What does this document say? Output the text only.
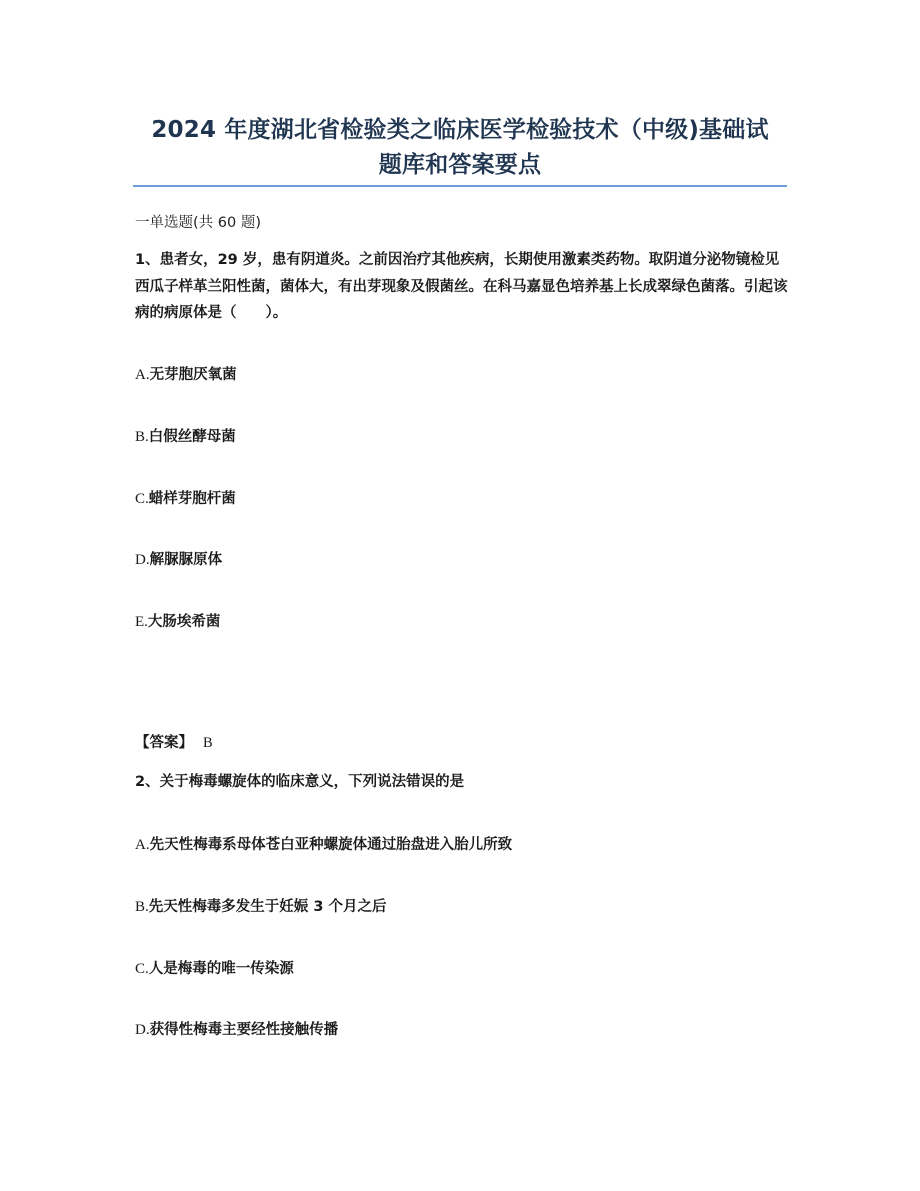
2024 年度湖北省检验类之临床医学检验技术（中级)基础试
题库和答案要点
一单选题(共 60 题)
1、患者女，29 岁，患有阴道炎。之前因治疗其他疾病，长期使用激素类药物。取阴道分泌物镜检见西瓜子样革兰阳性菌，菌体大，有出芽现象及假菌丝。在科马嘉显色培养基上长成翠绿色菌落。引起该病的病原体是（　　）。
A.无芽胞厌氧菌
B.白假丝酵母菌
C.蜡样芽胞杆菌
D.解脲脲原体
E.大肠埃希菌
【答案】 B
2、关于梅毒螺旋体的临床意义，下列说法错误的是
A.先天性梅毒系母体苍白亚种螺旋体通过胎盘进入胎儿所致
B.先天性梅毒多发生于妊娠 3 个月之后
C.人是梅毒的唯一传染源
D.获得性梅毒主要经性接触传播
